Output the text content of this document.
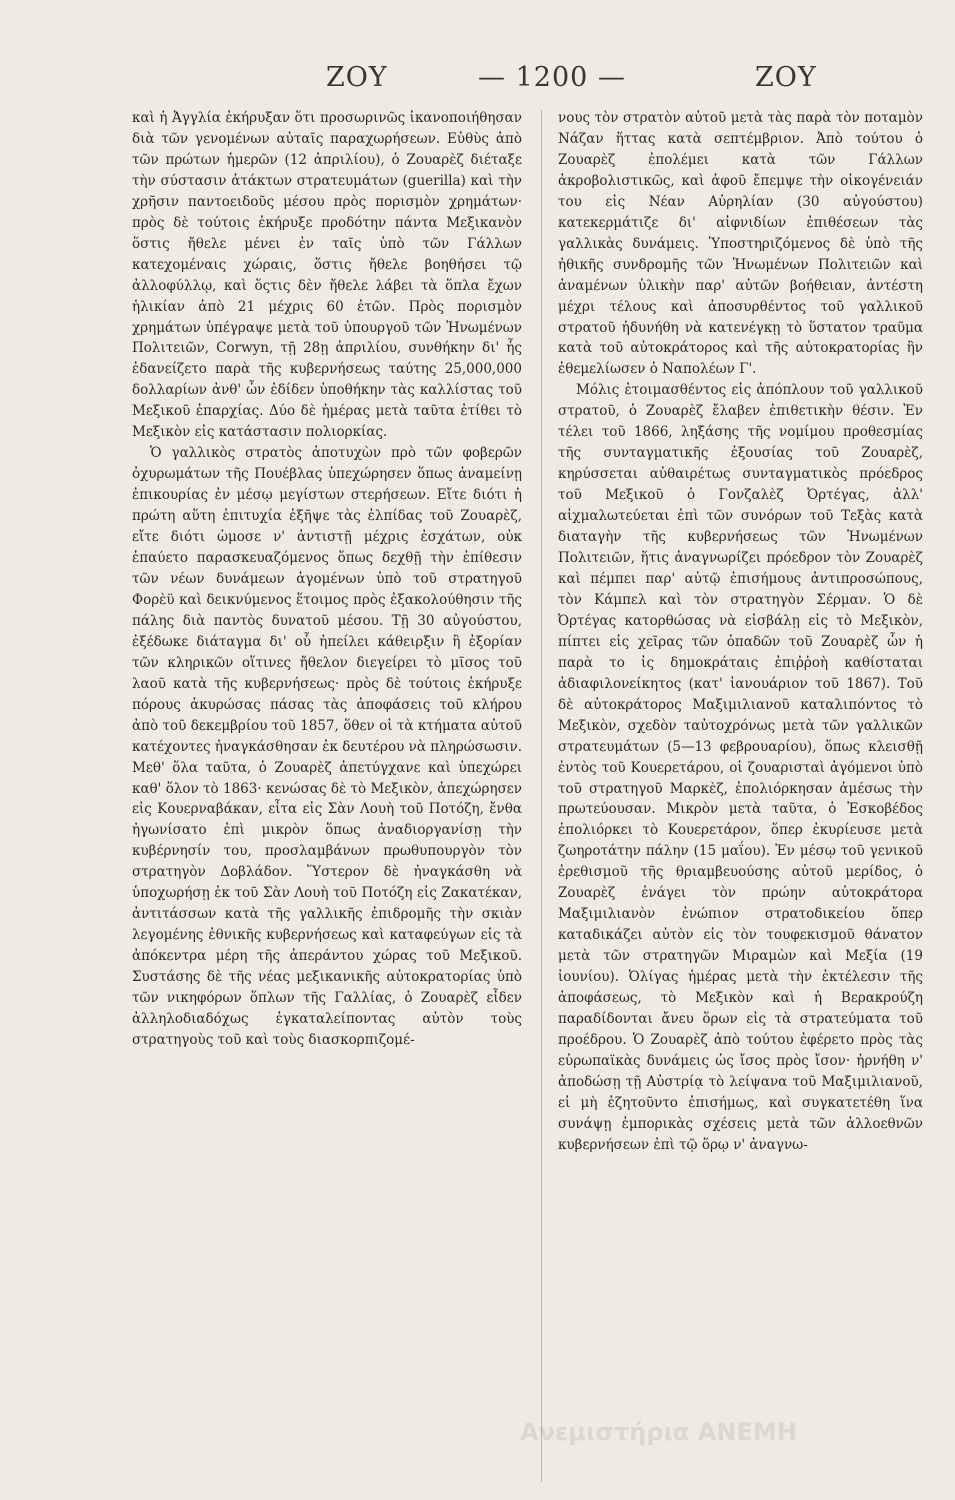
ΖΟΥ	— 1200 —	ΖΟΥ

καὶ ἡ Ἀγγλία ἐκήρυξαν ὅτι προσωρινῶς ἱκανοποιήθησαν διὰ τῶν γενομένων αὐταῖς παραχωρήσεων. Εὐθὺς ἀπὸ τῶν πρώτων ἡμερῶν (12 ἀπριλίου), ὁ Ζουαρὲζ διέταξε τὴν σύστασιν ἀτάκτων στρατευμάτων (guerilla) καὶ τὴν χρῆσιν παντοειδοῦς μέσου πρὸς πορισμὸν χρημάτων· πρὸς δὲ τούτοις ἐκήρυξε προδότην πάντα Μεξικανὸν ὅστις ἤθελε μένει ἐν ταῖς ὑπὸ τῶν Γάλλων κατεχομέναις χώραις, ὅστις ἤθελε βοηθήσει τῷ ἀλλοφύλλῳ, καὶ ὅςτις δὲν ἤθελε λάβει τὰ ὅπλα ἔχων ἡλικίαν ἀπὸ 21 μέχρις 60 ἐτῶν. Πρὸς πορισμὸν χρημάτων ὑπέγραψε μετὰ τοῦ ὑπουργοῦ τῶν Ἡνωμένων Πολιτειῶν, Corwyn, τῇ 28ῃ ἀπριλίου, συνθήκην δι' ἧς ἐδανείζετο παρὰ τῆς κυβερνήσεως ταύτης 25,000,000 δολλαρίων ἀνθ' ὧν ἐδίδεν ὑποθήκην τὰς καλλίστας τοῦ Μεξικοῦ ἐπαρχίας. Δύο δὲ ἡμέρας μετὰ ταῦτα ἐτίθει τὸ Μεξικὸν εἰς κατάστασιν πολιορκίας.

Ὁ γαλλικὸς στρατὸς ἀποτυχὼν πρὸ τῶν φοβερῶν ὀχυρωμάτων τῆς Πουέβλας ὑπεχώρησεν ὅπως ἀναμείνῃ ἐπικουρίας ἐν μέσῳ μεγίστων στερήσεων. Εἴτε διότι ἡ πρώτη αὕτη ἐπιτυχία ἐξῆψε τὰς ἐλπίδας τοῦ Ζουαρὲζ, εἴτε διότι ὡμοσε ν' ἀντιστῇ μέχρις ἐσχάτων, οὐκ ἐπαύετο παρασκευαζόμενος ὅπως δεχθῇ τὴν ἐπίθεσιν τῶν νέων δυνάμεων ἀγομένων ὑπὸ τοῦ στρατηγοῦ Φορὲϋ καὶ δεικνύμενος ἕτοιμος πρὸς ἐξακολούθησιν τῆς πάλης διὰ παντὸς δυνατοῦ μέσου. Τῇ 30 αὐγούστου, ἐξέδωκε διάταγμα δι' οὗ ἠπείλει κάθειρξιν ἢ ἐξορίαν τῶν κληρικῶν οἵτινες ἤθελον διεγείρει τὸ μῖσος τοῦ λαοῦ κατὰ τῆς κυβερνήσεως· πρὸς δὲ τούτοις ἐκήρυξε πόρους ἀκυρώσας πάσας τὰς ἀποφάσεις τοῦ κλήρου ἀπὸ τοῦ δεκεμβρίου τοῦ 1857, ὅθεν οἱ τὰ κτήματα αὐτοῦ κατέχοντες ἠναγκάσθησαν ἐκ δευτέρου νὰ πληρώσωσιν. Μεθ' ὅλα ταῦτα, ὁ Ζουαρὲζ ἀπετύγχανε καὶ ὑπεχώρει καθ' ὅλον τὸ 1863· κενώσας δὲ τὸ Μεξικὸν, ἀπεχώρησεν εἰς Κουερναβάκαν, εἶτα εἰς Σὰν Λουὴ τοῦ Ποτόζη, ἔνθα ἠγωνίσατο ἐπὶ μικρὸν ὅπως ἀναδιοργανίσῃ τὴν κυβέρνησίν του, προσλαμβάνων πρωθυπουργὸν τὸν στρατηγὸν Δοβλάδον. Ὕστερον δὲ ἠναγκάσθη νὰ ὑποχωρήσῃ ἐκ τοῦ Σὰν Λουὴ τοῦ Ποτόζη εἰς Ζακατέκαν, ἀντιτάσσων κατὰ τῆς γαλλικῆς ἐπιδρομῆς τὴν σκιὰν λεγομένης ἐθνικῆς κυβερνήσεως καὶ καταφεύγων εἰς τὰ ἀπόκεντρα μέρη τῆς ἀπεράντου χώρας τοῦ Μεξικοῦ. Συστάσης δὲ τῆς νέας μεξικανικῆς αὐτοκρατορίας ὑπὸ τῶν νικηφόρων ὅπλων τῆς Γαλλίας, ὁ Ζουαρὲζ εἶδεν ἀλληλοδιαδόχως ἐγκαταλείποντας αὐτὸν τοὺς στρατηγοὺς τοῦ καὶ τοὺς διασκορπιζομέ-

νους τὸν στρατὸν αὐτοῦ μετὰ τὰς παρὰ τὸν ποταμὸν Νάζαν ἥττας κατὰ σεπτέμβριον. Ἀπὸ τούτου ὁ Ζουαρὲζ ἐπολέμει κατὰ τῶν Γάλλων ἀκροβολιστικῶς, καὶ ἀφοῦ ἔπεμψε τὴν οἰκογένειάν του εἰς Νέαν Αὐρηλίαν (30 αὐγούστου) κατεκερμάτιζε δι' αἰφνιδίων ἐπιθέσεων τὰς γαλλικὰς δυνάμεις. Ὑποστηριζόμενος δὲ ὑπὸ τῆς ἠθικῆς συνδρομῆς τῶν Ἡνωμένων Πολιτειῶν καὶ ἀναμένων ὑλικὴν παρ' αὐτῶν βοήθειαν, ἀντέστη μέχρι τέλους καὶ ἀποσυρθέντος τοῦ γαλλικοῦ στρατοῦ ἠδυνήθη νὰ κατενέγκῃ τὸ ὕστατον τραῦμα κατὰ τοῦ αὐτοκράτορος καὶ τῆς αὐτοκρατορίας ἣν ἐθεμελίωσεν ὁ Ναπολέων Γ'.

Μόλις ἑτοιμασθέντος εἰς ἀπόπλουν τοῦ γαλλικοῦ στρατοῦ, ὁ Ζουαρὲζ ἔλαβεν ἐπιθετικὴν θέσιν. Ἐν τέλει τοῦ 1866, ληξάσης τῆς νομίμου προθεσμίας τῆς συνταγματικῆς ἐξουσίας τοῦ Ζουαρὲζ, κηρύσσεται αὐθαιρέτως συνταγματικὸς πρόεδρος τοῦ Μεξικοῦ ὁ Γονζαλὲζ Ὀρτέγας, ἀλλ' αἰχμαλωτεύεται ἐπὶ τῶν συνόρων τοῦ Τεξὰς κατὰ διαταγὴν τῆς κυβερνήσεως τῶν Ἡνωμένων Πολιτειῶν, ἥτις ἀναγνωρίζει πρόεδρον τὸν Ζουαρὲζ καὶ πέμπει παρ' αὐτῷ ἐπισήμους ἀντιπροσώπους, τὸν Κάμπελ καὶ τὸν στρατηγὸν Σέρμαν. Ὁ δὲ Ὀρτέγας κατορθώσας νὰ εἰσβάλῃ εἰς τὸ Μεξικὸν, πίπτει εἰς χεῖρας τῶν ὀπαδῶν τοῦ Ζουαρὲζ ὧν ἡ παρὰ το ἰς δημοκράταις ἐπιῤῥοὴ καθίσταται ἀδιαφιλονείκητος (κατ' ἰανουάριον τοῦ 1867). Τοῦ δὲ αὐτοκράτορος Μαξιμιλιανοῦ καταλιπόντος τὸ Μεξικὸν, σχεδὸν ταὐτοχρόνως μετὰ τῶν γαλλικῶν στρατευμάτων (5—13 φεβρουαρίου), ὅπως κλεισθῇ ἐντὸς τοῦ Κουερετάρου, οἱ ζουαρισταὶ ἀγόμενοι ὑπὸ τοῦ στρατηγοῦ Μαρκὲζ, ἐπολιόρκησαν ἀμέσως τὴν πρωτεύουσαν. Μικρὸν μετὰ ταῦτα, ὁ Ἐσκοβέδος ἐπολιόρκει τὸ Κουερετάρον, ὅπερ ἐκυρίευσε μετὰ ζωηροτάτην πάλην (15 μαΐου). Ἐν μέσῳ τοῦ γενικοῦ ἐρεθισμοῦ τῆς θριαμβευούσης αὐτοῦ μερίδος, ὁ Ζουαρὲζ ἐνάγει τὸν πρώην αὐτοκράτορα Μαξιμιλιανὸν ἐνώπιον στρατοδικείου ὅπερ καταδικάζει αὐτὸν εἰς τὸν τουφεκισμοῦ θάνατον μετὰ τῶν στρατηγῶν Μιραμὼν καὶ Μεξία (19 ἰουνίου). Ὀλίγας ἡμέρας μετὰ τὴν ἐκτέλεσιν τῆς ἀποφάσεως, τὸ Μεξικὸν καὶ ἡ Βερακρούζη παραδίδονται ἄνευ ὅρων εἰς τὰ στρατεύματα τοῦ προέδρου. Ὁ Ζουαρὲζ ἀπὸ τούτου ἐφέρετο πρὸς τὰς εὐρωπαϊκὰς δυνάμεις ὡς ἴσος πρὸς ἴσον· ἠρνήθη ν' ἀποδώσῃ τῇ Αὐστρίᾳ τὸ λείψανα τοῦ Μαξιμιλιανοῦ, εἰ μὴ ἐζητοῦντο ἐπισήμως, καὶ συγκατετέθη ἵνα συνάψῃ ἐμπορικὰς σχέσεις μετὰ τῶν ἀλλοεθνῶν κυβερνήσεων ἐπὶ τῷ ὅρῳ ν' ἀναγνω-

Ανεμιστήρια ΑΝΕΜΗ
